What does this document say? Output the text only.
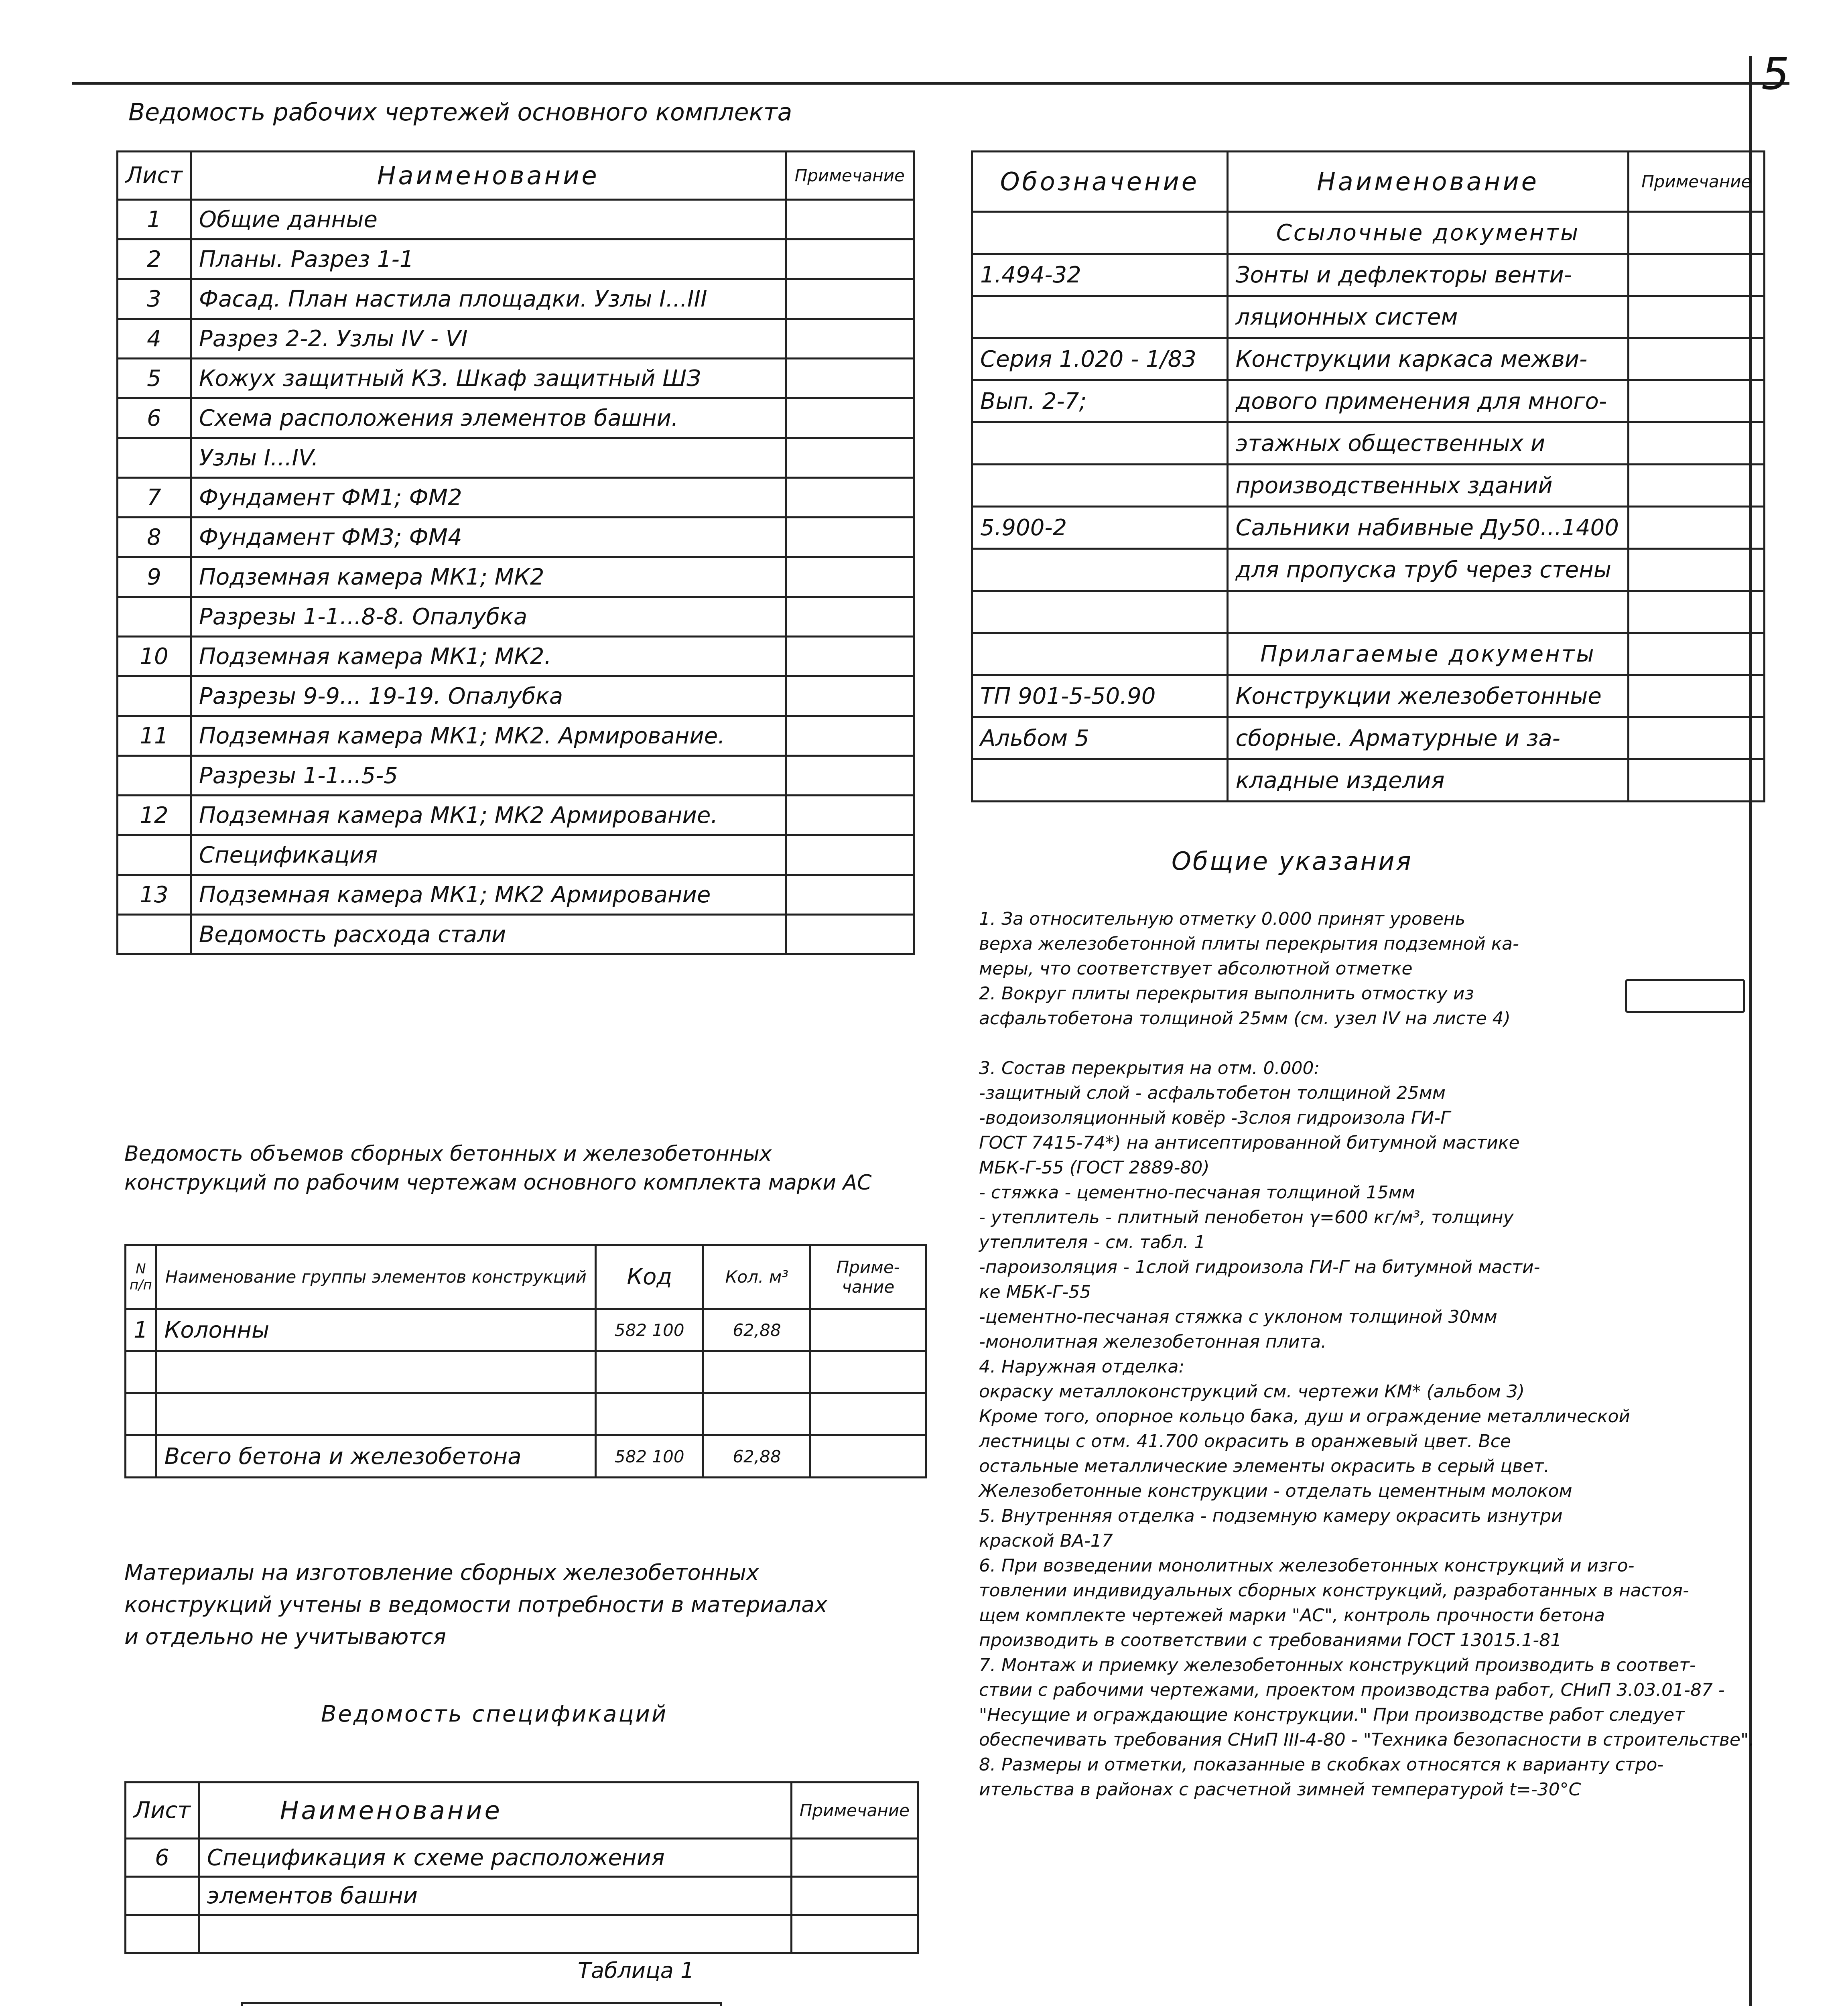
5
Ведомость рабочих чертежей основного комплекта
Лист	Наименование	Примечание
1	Общие данные	
2	Планы. Разрез 1-1	
3	Фасад. План настила площадки. Узлы I...III	
4	Разрез 2-2. Узлы IV - VI	
5	Кожух защитный КЗ. Шкаф защитный ШЗ	
6	Схема расположения элементов башни.	
	Узлы I...IV.	
7	Фундамент ФМ1; ФМ2	
8	Фундамент ФМ3; ФМ4	
9	Подземная камера МК1; МК2	
	Разрезы 1-1...8-8. Опалубка	
10	Подземная камера МК1; МК2.	
	Разрезы 9-9... 19-19. Опалубка	
11	Подземная камера МК1; МК2. Армирование.	
	Разрезы 1-1...5-5	
12	Подземная камера МК1; МК2 Армирование.	
	Спецификация	
13	Подземная камера МК1; МК2 Армирование	
	Ведомость расхода стали	
Обозначение	Наименование	Примечание
	Ссылочные документы	
1.494-32	Зонты и дефлекторы венти-	
	ляционных систем	
Серия 1.020 - 1/83	Конструкции каркаса межви-	
Вып. 2-7;	дового применения для много-	
	этажных общественных и	
	производственных зданий	
5.900-2	Сальники набивные Ду50...1400	
	для пропуска труб через стены	

	Прилагаемые документы	
ТП 901-5-50.90	Конструкции железобетонные	
Альбом 5	сборные. Арматурные и за-	
	кладные изделия	
Общие указания
1. За относительную отметку 0.000 принят уровень
верха железобетонной плиты перекрытия подземной ка-
меры, что соответствует абсолютной отметке
2. Вокруг плиты перекрытия выполнить отмостку из
асфальтобетона толщиной 25мм (см. узел IV на листе 4)
3. Состав перекрытия на отм. 0.000:
-защитный слой - асфальтобетон толщиной 25мм
-водоизоляционный ковёр -3слоя гидроизола ГИ-Г
ГОСТ 7415-74*) на антисептированной битумной мастике
МБК-Г-55 (ГОСТ 2889-80)
- стяжка - цементно-песчаная толщиной 15мм
- утеплитель - плитный пенобетон γ=600 кг/м³, толщину
утеплителя - см. табл. 1
-пароизоляция - 1слой гидроизола ГИ-Г на битумной масти-
ке МБК-Г-55
-цементно-песчаная стяжка с уклоном толщиной 30мм
-монолитная железобетонная плита.
4. Наружная отделка:
окраску металлоконструкций см. чертежи КМ* (альбом 3)
Кроме того, опорное кольцо бака, душ и ограждение металлической
лестницы с отм. 41.700 окрасить в оранжевый цвет. Все
остальные металлические элементы окрасить в серый цвет.
Железобетонные конструкции - отделать цементным молоком
5. Внутренняя отделка - подземную камеру окрасить изнутри
краской ВА-17
6. При возведении монолитных железобетонных конструкций и изго-
товлении индивидуальных сборных конструкций, разработанных в настоя-
щем комплекте чертежей марки "АС", контроль прочности бетона
производить в соответствии с требованиями ГОСТ 13015.1-81
7. Монтаж и приемку железобетонных конструкций производить в соответ-
ствии с рабочими чертежами, проектом производства работ, СНиП 3.03.01-87 -
"Несущие и ограждающие конструкции." При производстве работ следует
обеспечивать требования СНиП III-4-80 - "Техника безопасности в строительстве".
8. Размеры и отметки, показанные в скобках относятся к варианту стро-
ительства в районах с расчетной зимней температурой t=-30°C
Ведомость объемов сборных бетонных и железобетонных
конструкций по рабочим чертежам основного комплекта марки АС
N п/п	Наименование группы элементов конструкций	Код	Кол. м³	Приме- чание
1	Колонны	582 100	62,88	

	Всего бетона и железобетона	582 100	62,88	
Материалы на изготовление сборных железобетонных
конструкций учтены в ведомости потребности в материалах
и отдельно не учитываются
Ведомость спецификаций
Лист	Наименование	Примечание
6	Спецификация к схеме расположения	
	элементов башни	

Таблица 1
